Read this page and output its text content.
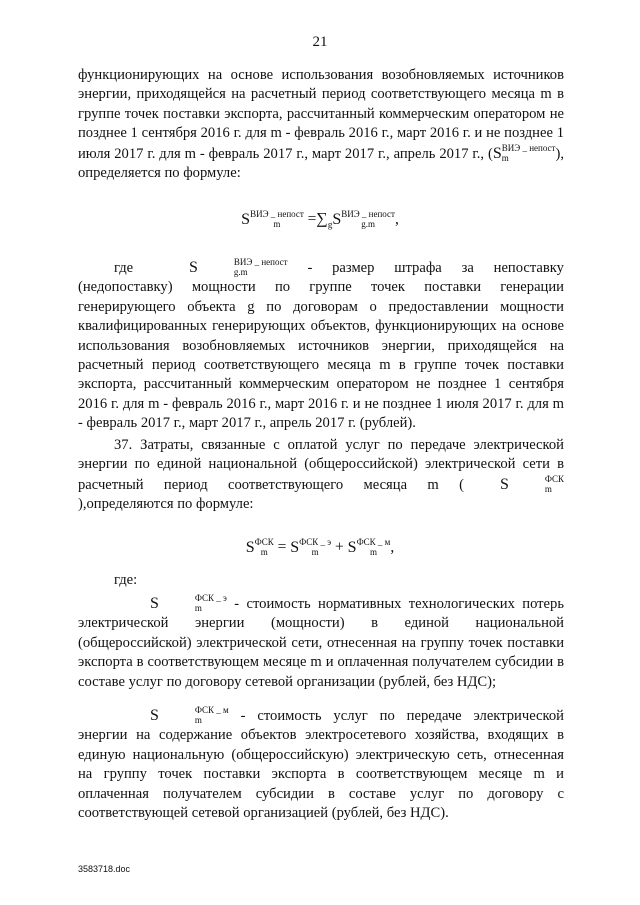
21
функционирующих на основе использования возобновляемых источников энергии, приходящейся на расчетный период соответствующего месяца m в группе точек поставки экспорта, рассчитанный коммерческим оператором не позднее 1 сентября 2016 г. для m - февраль 2016 г., март 2016 г. и не позднее 1 июля 2017 г. для m - февраль 2017 г., март 2017 г., апрель 2017 г., ( S ВИЭ _ непост
m	), определяется по формуле:
S ВИЭ _ непост
m	$=\sum_g$ S ВИЭ _ непост
g.m	,
где	S	ВИЭ _ непост
g.m	- размер штрафа за непоставку (недопоставку) мощности по группе точек поставки генерации генерирующего объекта g по договорам о предоставлении мощности квалифицированных генерирующих объектов, функционирующих на основе использования возобновляемых источников энергии, приходящейся на расчетный период соответствующего месяца m в группе точек поставки экспорта, рассчитанный коммерческим оператором не позднее 1 сентября 2016 г. для m - февраль 2016 г., март 2016 г. и не позднее 1 июля 2017 г. для m - февраль 2017 г., март 2017 г., апрель 2017 г. (рублей).
37. Затраты, связанные с оплатой услуг по передаче электрической энергии по единой национальной (общероссийской) электрической сети в расчетный период соответствующего месяца m (	S	ФСК
m
),определяются по формуле:
S ФСК
m = S ФСК _ э
m	+ S ФСК _ м
m ,
где:
S	ФСК _ э
m	- стоимость нормативных технологических потерь электрической энергии (мощности) в единой национальной (общероссийской) электрической сети, отнесенная на группу точек поставки экспорта в соответствующем месяце m и оплаченная получателем субсидии в составе услуг по договору сетевой организации (рублей, без НДС);
S	ФСК _ м
m	- стоимость услуг по передаче электрической энергии на содержание объектов электросетевого хозяйства, входящих в единую национальную (общероссийскую) электрическую сеть, отнесенная на группу точек поставки экспорта в соответствующем месяце m и оплаченная получателем субсидии в составе услуг по договору с соответствующей сетевой организацией (рублей, без НДС).
3583718.doc
